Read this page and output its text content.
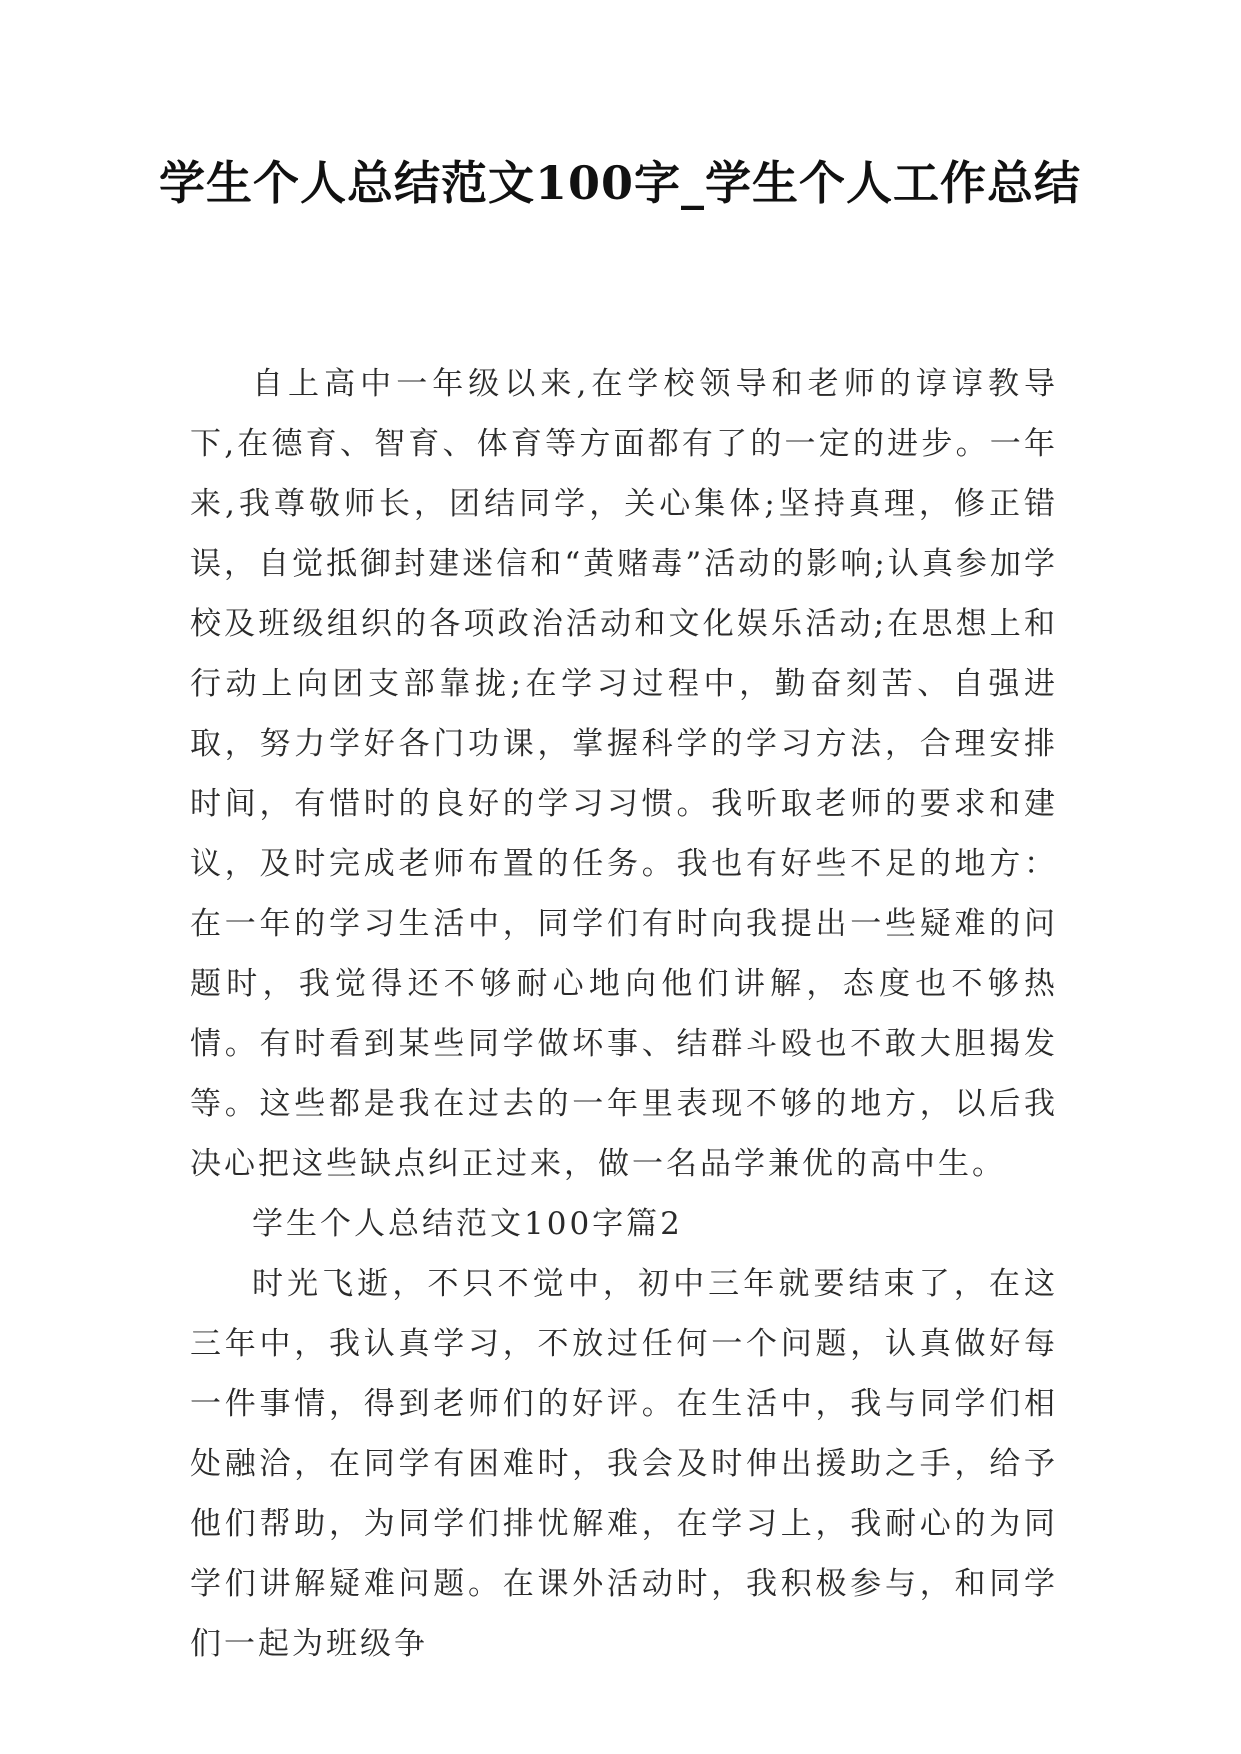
学生个人总结范文100字_学生个人工作总结

自上高中一年级以来,在学校领导和老师的谆谆教导下,在德育、智育、体育等方面都有了的一定的进步。一年来,我尊敬师长，团结同学，关心集体;坚持真理，修正错误，自觉抵御封建迷信和“黄赌毒”活动的影响;认真参加学校及班级组织的各项政治活动和文化娱乐活动;在思想上和行动上向团支部靠拢;在学习过程中，勤奋刻苦、自强进取，努力学好各门功课，掌握科学的学习方法，合理安排时间，有惜时的良好的学习习惯。我听取老师的要求和建议，及时完成老师布置的任务。我也有好些不足的地方：在一年的学习生活中，同学们有时向我提出一些疑难的问题时，我觉得还不够耐心地向他们讲解，态度也不够热情。有时看到某些同学做坏事、结群斗殴也不敢大胆揭发等。这些都是我在过去的一年里表现不够的地方，以后我决心把这些缺点纠正过来，做一名品学兼优的高中生。

学生个人总结范文100字篇2

时光飞逝，不只不觉中，初中三年就要结束了，在这三年中，我认真学习，不放过任何一个问题，认真做好每一件事情，得到老师们的好评。在生活中，我与同学们相处融洽，在同学有困难时，我会及时伸出援助之手，给予他们帮助，为同学们排忧解难，在学习上，我耐心的为同学们讲解疑难问题。在课外活动时，我积极参与，和同学们一起为班级争
